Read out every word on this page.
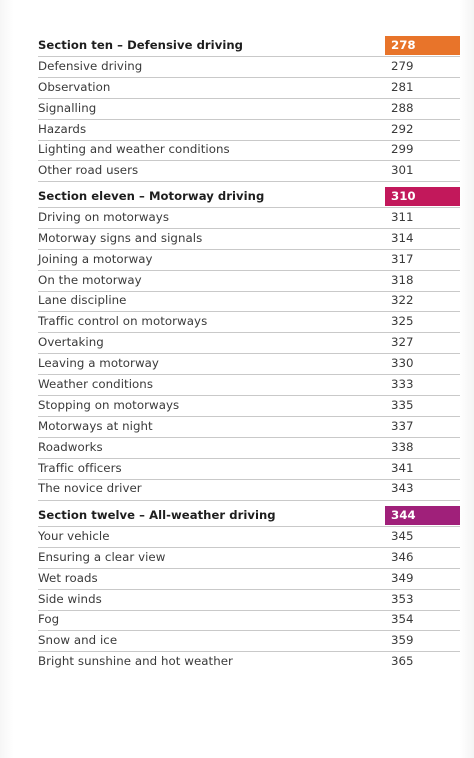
Section ten – Defensive driving	278
Defensive driving	279
Observation	281
Signalling	288
Hazards	292
Lighting and weather conditions	299
Other road users	301
Section eleven – Motorway driving	310
Driving on motorways	311
Motorway signs and signals	314
Joining a motorway	317
On the motorway	318
Lane discipline	322
Traffic control on motorways	325
Overtaking	327
Leaving a motorway	330
Weather conditions	333
Stopping on motorways	335
Motorways at night	337
Roadworks	338
Traffic officers	341
The novice driver	343
Section twelve – All-weather driving	344
Your vehicle	345
Ensuring a clear view	346
Wet roads	349
Side winds	353
Fog	354
Snow and ice	359
Bright sunshine and hot weather	365
